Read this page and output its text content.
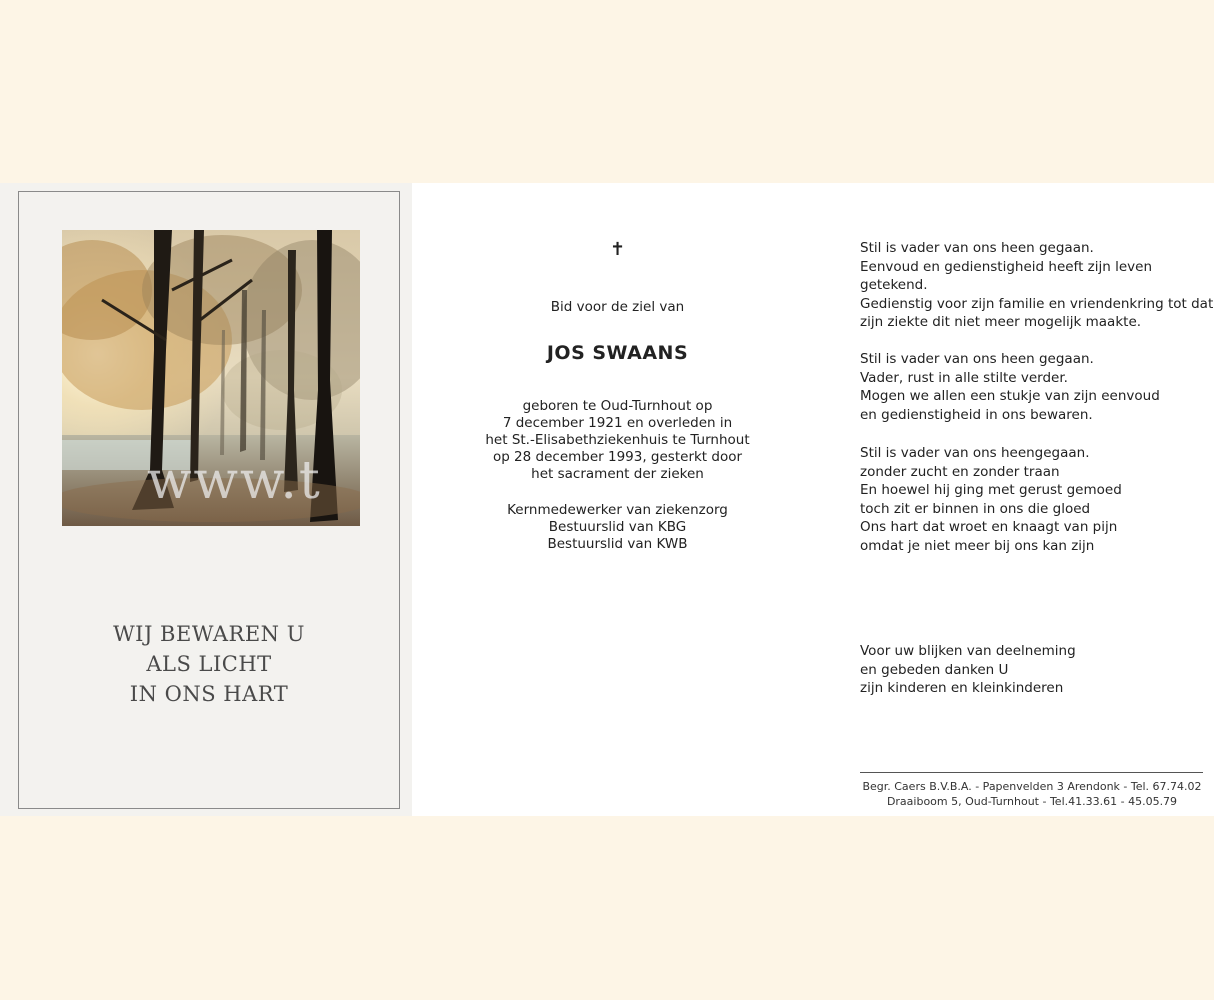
www.t
WIJ BEWAREN U
ALS LICHT
IN ONS HART
✝
Bid voor de ziel van
JOS SWAANS
geboren te Oud-Turnhout op
7 december 1921 en overleden in
het St.-Elisabethziekenhuis te Turnhout
op 28 december 1993, gesterkt door
het sacrament der zieken
Kernmedewerker van ziekenzorg
Bestuurslid van KBG
Bestuurslid van KWB
Stil is vader van ons heen gegaan.
Eenvoud en gedienstigheid heeft zijn leven
getekend.
Gedienstig voor zijn familie en vriendenkring tot dat
zijn ziekte dit niet meer mogelijk maakte.
Stil is vader van ons heen gegaan.
Vader, rust in alle stilte verder.
Mogen we allen een stukje van zijn eenvoud
en gedienstigheid in ons bewaren.
Stil is vader van ons heengegaan.
zonder zucht en zonder traan
En hoewel hij ging met gerust gemoed
toch zit er binnen in ons die gloed
Ons hart dat wroet en knaagt van pijn
omdat je niet meer bij ons kan zijn
Voor uw blijken van deelneming
en gebeden danken U
zijn kinderen en kleinkinderen
Begr. Caers B.V.B.A. - Papenvelden 3 Arendonk - Tel. 67.74.02
Draaiboom 5, Oud-Turnhout - Tel.41.33.61 - 45.05.79
